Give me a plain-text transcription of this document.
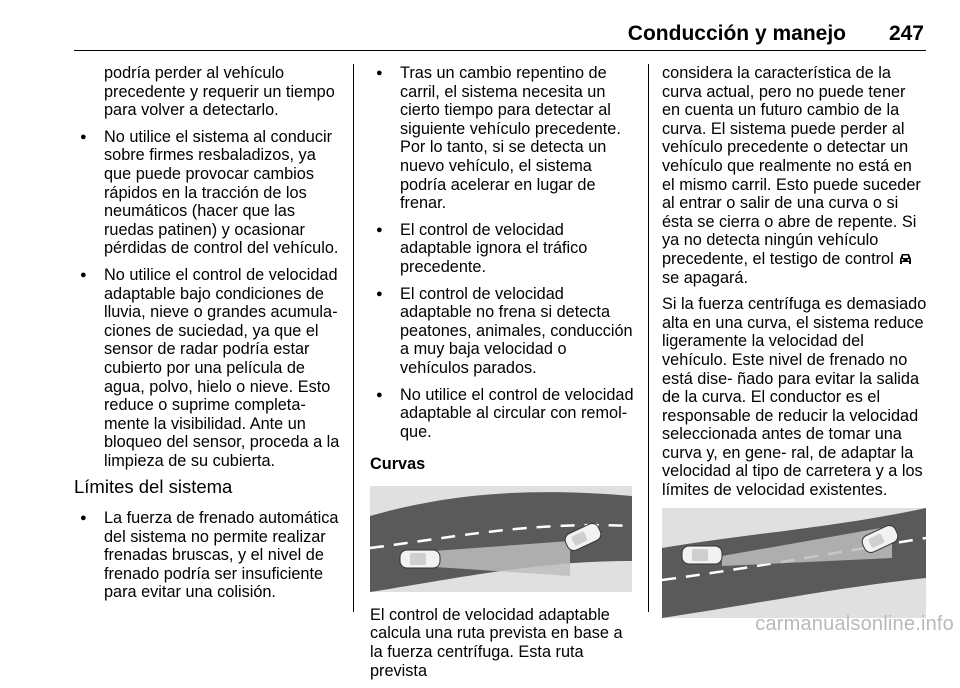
Conducción y manejo 247
podría perder al vehículo precedente y requerir un tiempo para volver a detectarlo.
● No utilice el sistema al conducir sobre firmes resbaladizos, ya que puede provocar cambios rápidos en la tracción de los neumáticos (hacer que las ruedas patinen) y ocasionar pérdidas de control del vehículo.
● No utilice el control de velocidad adaptable bajo condiciones de lluvia, nieve o grandes acumula- ciones de suciedad, ya que el sensor de radar podría estar cubierto por una película de agua, polvo, hielo o nieve. Esto reduce o suprime completa- mente la visibilidad. Ante un bloqueo del sensor, proceda a la limpieza de su cubierta.
Límites del sistema
● La fuerza de frenado automática del sistema no permite realizar frenadas bruscas, y el nivel de frenado podría ser insuficiente para evitar una colisión.
● Tras un cambio repentino de carril, el sistema necesita un cierto tiempo para detectar al siguiente vehículo precedente. Por lo tanto, si se detecta un nuevo vehículo, el sistema podría acelerar en lugar de frenar.
● El control de velocidad adaptable ignora el tráfico precedente.
● El control de velocidad adaptable no frena si detecta peatones, animales, conducción a muy baja velocidad o vehículos parados.
● No utilice el control de velocidad adaptable al circular con remol- que.
Curvas

El control de velocidad adaptable calcula una ruta prevista en base a la fuerza centrífuga. Esta ruta prevista

considera la característica de la curva actual, pero no puede tener en cuenta un futuro cambio de la curva. El sistema puede perder al vehículo precedente o detectar un vehículo que realmente no está en el mismo carril. Esto puede suceder al entrar o salir de una curva o si ésta se cierra o abre de repente. Si ya no detecta ningún vehículo precedente, el testigo de control  se apagará.

Si la fuerza centrífuga es demasiado alta en una curva, el sistema reduce ligeramente la velocidad del vehículo. Este nivel de frenado no está dise- ñado para evitar la salida de la curva. El conductor es el responsable de reducir la velocidad seleccionada antes de tomar una curva y, en gene- ral, de adaptar la velocidad al tipo de carretera y a los límites de velocidad existentes.

carmanualsonline.info
